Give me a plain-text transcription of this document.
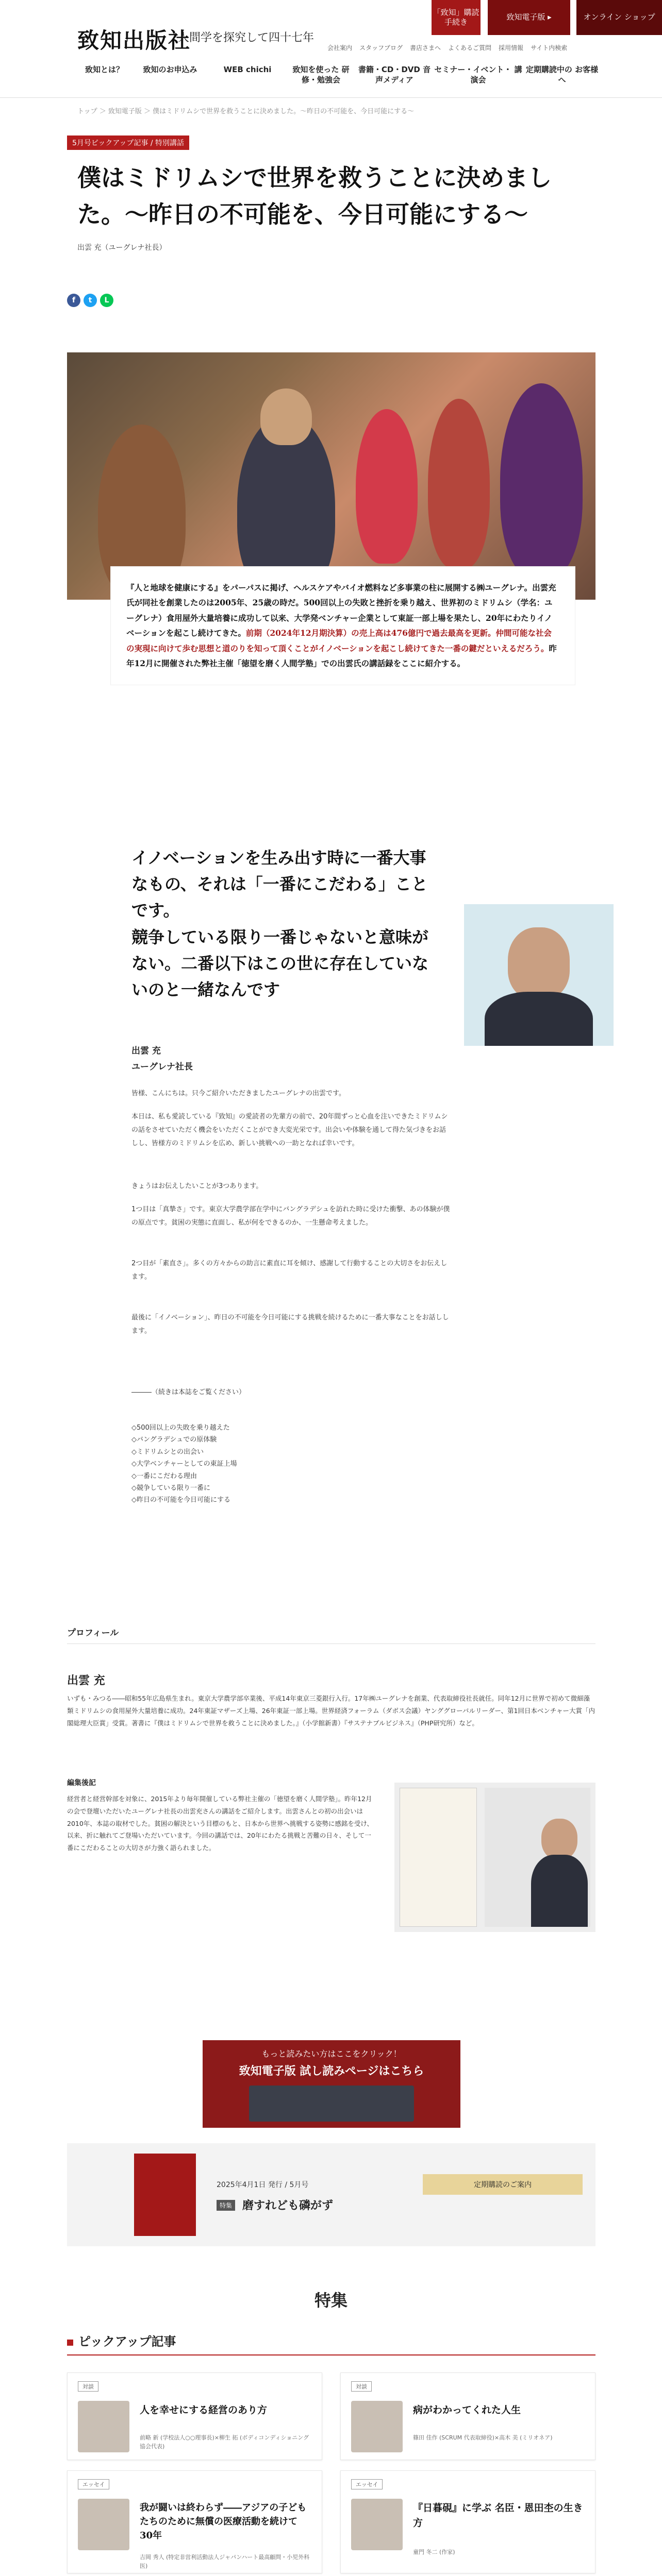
致知出版社
人間学を探究して四十七年
「致知」購読 手続き
致知電子版 ▸	オンライン ショップ
会社案内 スタッフブログ 書店さまへ よくあるご質問 採用情報 サイト内検索
致知とは？	致知のお申込み	WEB chichi	致知を使った 研修・勉強会
書籍・CD・DVD 音声メディア
セミナー・イベント・ 講演会
定期購読中の お客様へ
トップ ＞ 致知電子版 ＞ 僕はミドリムシで世界を救うことに決めました。〜昨日の不可能を、今日可能にする〜
5月号ピックアップ記事 / 特別講話
僕はミドリムシで世界を救うことに決めました。〜昨日の不可能を、今日可能にする〜
出雲 充（ユーグレナ社長）
f	t	L
『人と地球を健康にする』をパーパスに掲げ、ヘルスケアやバイオ燃料など多事業の柱に展開する㈱ユーグレナ。出雲充氏が同社を創業したのは2005年、25歳の時だ。500回以上の失敗と挫折を乗り越え、世界初のミドリムシ（学名：ユーグレナ）食用屋外大量培養に成功して以来、大学発ベンチャー企業として東証一部上場を果たし、20年にわたりイノベーションを起こし続けてきた。前期（2024年12月期決算）の売上高は476億円で過去最高を更新。仲間可能な社会の実現に向けて歩む思想と道のりを知って頂くことがイノベーションを起こし続けてきた一番の鍵だといえるだろう。昨年12月に開催された弊社主催「徳望を磨く人間学塾」での出雲氏の講話録をここに紹介する。
イノベーションを生み出す時に一番大事なもの、それは「一番にこだわる」ことです。
競争している限り一番じゃないと意味がない。二番以下はこの世に存在していないのと一緒なんです
出雲 充
ユーグレナ社長
皆様、こんにちは。只今ご紹介いただきましたユーグレナの出雲です。
本日は、私も愛読している『致知』の愛読者の先輩方の前で、20年間ずっと心血を注いできたミドリムシの話をさせていただく機会をいただくことができ大変光栄です。出会いや体験を通して得た気づきをお話しし、皆様方のミドリムシを広め、新しい挑戦への一助となれば幸いです。
きょうはお伝えしたいことが3つあります。
1つ目は「真摯さ」です。東京大学農学部在学中にバングラデシュを訪れた時に受けた衝撃、あの体験が僕の原点です。貧困の実態に直面し、私が何をできるのか、一生懸命考えました。
2つ目が「素直さ」。多くの方々からの助言に素直に耳を傾け、感謝して行動することの大切さをお伝えします。
最後に「イノベーション」、昨日の不可能を今日可能にする挑戦を続けるために一番大事なことをお話しします。
―――（続きは本誌をご覧ください）
◇500回以上の失敗を乗り越えた
◇バングラデシュでの原体験
◇ミドリムシとの出会い
◇大学ベンチャーとしての東証上場
◇一番にこだわる理由
◇競争している限り一番に
◇昨日の不可能を今日可能にする
プロフィール
出雲 充
いずも・みつる――昭和55年広島県生まれ。東京大学農学部卒業後、平成14年東京三菱銀行入行。17年㈱ユーグレナを創業、代表取締役社長就任。同年12月に世界で初めて微細藻類ミドリムシの食用屋外大量培養に成功。24年東証マザーズ上場、26年東証一部上場。世界経済フォーラム（ダボス会議）ヤンググローバルリーダー、第1回日本ベンチャー大賞「内閣総理大臣賞」受賞。著書に『僕はミドリムシで世界を救うことに決めました。』（小学館新書）『サステナブルビジネス』（PHP研究所）など。
編集後記
経営者と経営幹部を対象に、2015年より毎年開催している弊社主催の「徳望を磨く人間学塾」。昨年12月の会で登壇いただいたユーグレナ社長の出雲充さんの講話をご紹介します。出雲さんとの初の出会いは2010年、本誌の取材でした。貧困の解決という目標のもと、日本から世界へ挑戦する姿勢に感銘を受け、以来、折に触れてご登場いただいています。今回の講話では、20年にわたる挑戦と苦難の日々、そして一番にこだわることの大切さが力強く語られました。
もっと読みたい方はここをクリック！
致知電子版 試し読みページはこちら
2025年4月1日 発行 / 5月号
特集 磨すれども磷がず
定期購読のご案内
特集
ピックアップ記事
対談
人を幸せにする経営のあり方
前略 新 (学校法人○○理事長)×柳生 拓 (ボディコンディショニング協会代表)
対談
病がわかってくれた人生
篠田 佳作 (SCRUM 代表取締役)×高木 美 (ミリオネア)
エッセイ
我が闘いは終わらず――アジアの子どもたちのために無償の医療活動を続けて30年
吉岡 秀人 (特定非営利活動法人ジャパンハート最高顧問・小児外科医)
エッセイ
『日暮硯』に学ぶ 名臣・恩田杢の生き方
童門 冬二 (作家)
